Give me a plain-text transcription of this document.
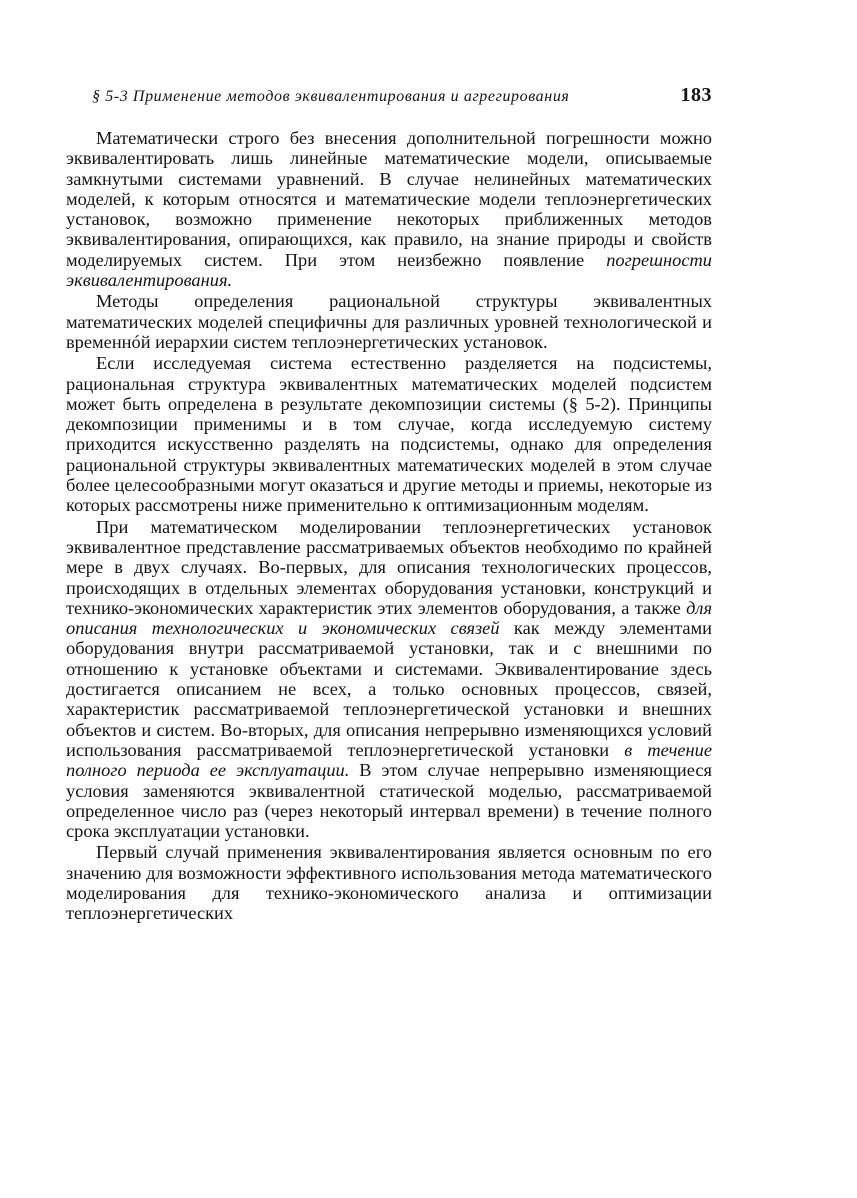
§ 5-3 Применение методов эквивалентирования и агрегирования	183

Математически строго без внесения дополнительной погрешности можно эквивалентировать лишь линейные математические модели, описываемые замкнутыми системами уравнений. В случае нелинейных математических моделей, к которым относятся и математические модели теплоэнергетических установок, возможно применение некоторых приближенных методов эквивалентирования, опирающихся, как правило, на знание природы и свойств моделируемых систем. При этом неизбежно появление погрешности эквивалентирования.

Методы определения рациональной структуры эквивалентных математических моделей специфичны для различных уровней технологической и временнóй иерархии систем теплоэнергетических установок.

Если исследуемая система естественно разделяется на подсистемы, рациональная структура эквивалентных математических моделей подсистем может быть определена в результате декомпозиции системы (§ 5-2). Принципы декомпозиции применимы и в том случае, когда исследуемую систему приходится искусственно разделять на подсистемы, однако для определения рациональной структуры эквивалентных математических моделей в этом случае более целесообразными могут оказаться и другие методы и приемы, некоторые из которых рассмотрены ниже применительно к оптимизационным моделям.

При математическом моделировании теплоэнергетических установок эквивалентное представление рассматриваемых объектов необходимо по крайней мере в двух случаях. Во-первых, для описания технологических процессов, происходящих в отдельных элементах оборудования установки, конструкций и технико-экономических характеристик этих элементов оборудования, а также для описания технологических и экономических связей как между элементами оборудования внутри рассматриваемой установки, так и с внешними по отношению к установке объектами и системами. Эквивалентирование здесь достигается описанием не всех, а только основных процессов, связей, характеристик рассматриваемой теплоэнергетической установки и внешних объектов и систем. Во-вторых, для описания непрерывно изменяющихся условий использования рассматриваемой теплоэнергетической установки в течение полного периода ее эксплуатации. В этом случае непрерывно изменяющиеся условия заменяются эквивалентной статической моделью, рассматриваемой определенное число раз (через некоторый интервал времени) в течение полного срока эксплуатации установки.

Первый случай применения эквивалентирования является основным по его значению для возможности эффективного использования метода математического моделирования для технико-экономического анализа и оптимизации теплоэнергетических
